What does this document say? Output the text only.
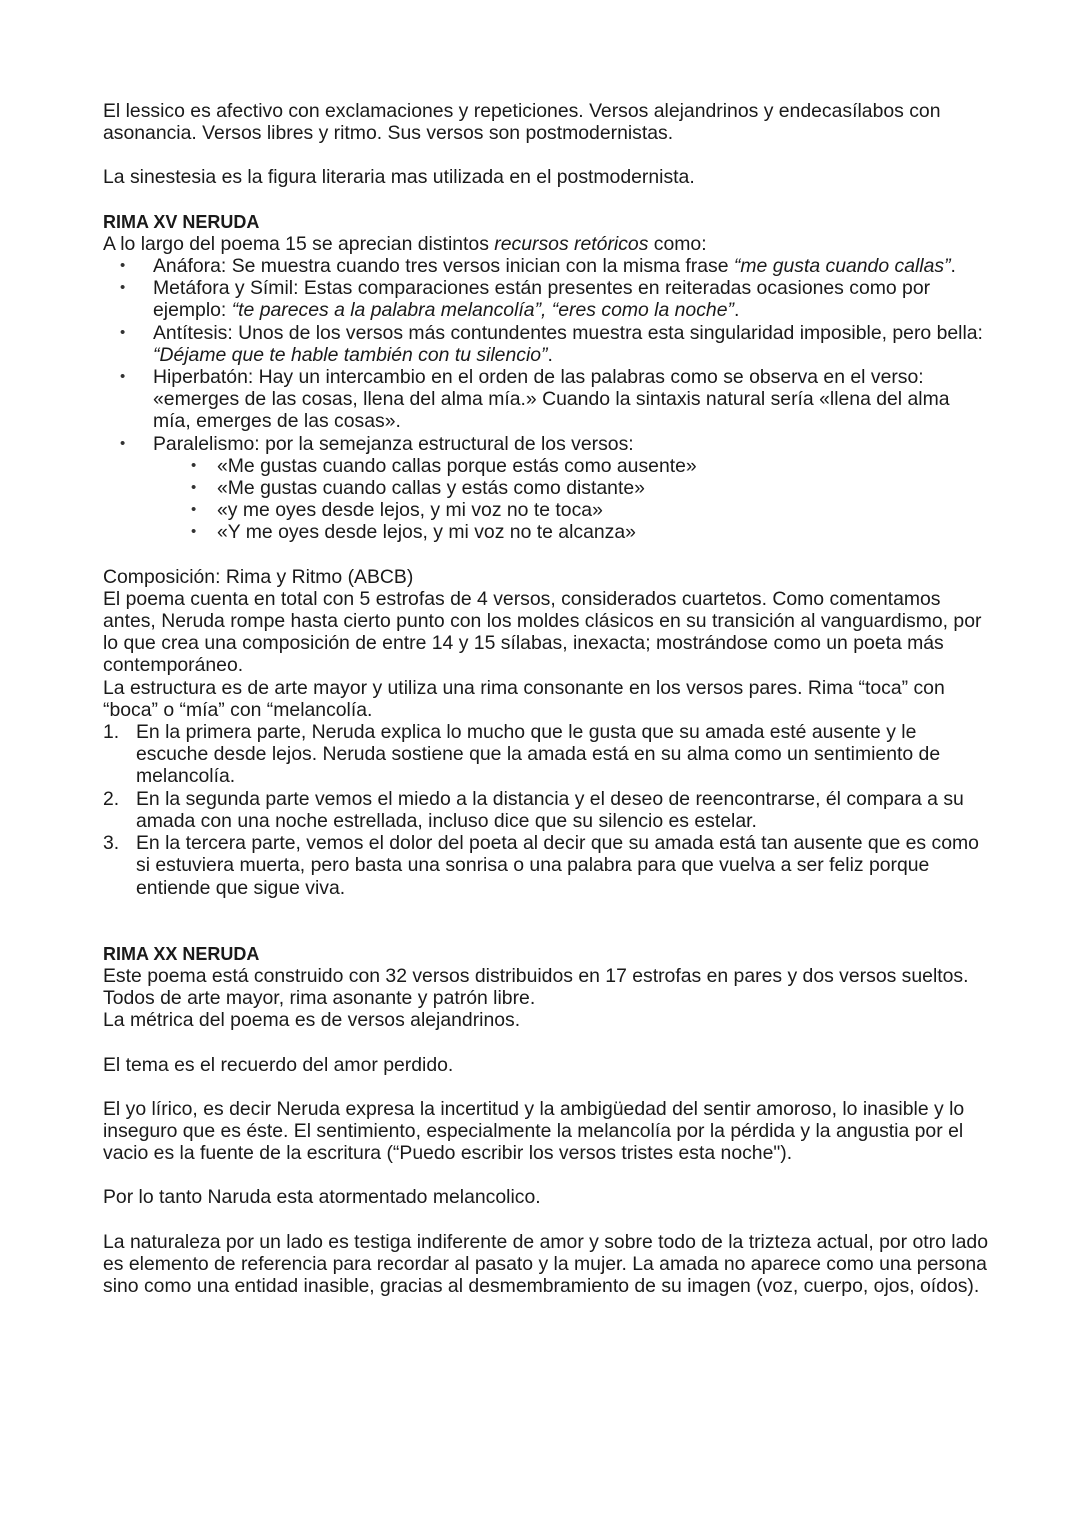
El lessico es afectivo con exclamaciones y repeticiones. Versos alejandrinos y endecasílabos con asonancia. Versos libres y ritmo. Sus versos son postmodernistas.

La sinestesia es la figura literaria mas utilizada en el postmodernista.

RIMA XV NERUDA

A lo largo del poema 15 se aprecian distintos recursos retóricos como:

• Anáfora: Se muestra cuando tres versos inician con la misma frase “me gusta cuando callas”.
• Metáfora y Símil: Estas comparaciones están presentes en reiteradas ocasiones como por ejemplo: “te pareces a la palabra melancolía”, “eres como la noche”.
• Antítesis: Unos de los versos más contundentes muestra esta singularidad imposible, pero bella: “Déjame que te hable también con tu silencio”.
• Hiperbatón: Hay un intercambio en el orden de las palabras como se observa en el verso: «emerges de las cosas, llena del alma mía.» Cuando la sintaxis natural sería «llena del alma mía, emerges de las cosas».
• Paralelismo: por la semejanza estructural de los versos:
• «Me gustas cuando callas porque estás como ausente»
• «Me gustas cuando callas y estás como distante»
• «y me oyes desde lejos, y mi voz no te toca»
• «Y me oyes desde lejos, y mi voz no te alcanza»

Composición: Rima y Ritmo (ABCB)

El poema cuenta en total con 5 estrofas de 4 versos, considerados cuartetos. Como comentamos antes, Neruda rompe hasta cierto punto con los moldes clásicos en su transición al vanguardismo, por lo que crea una composición de entre 14 y 15 sílabas, inexacta; mostrándose como un poeta más contemporáneo.

La estructura es de arte mayor y utiliza una rima consonante en los versos pares. Rima “toca” con “boca” o “mía” con “melancolía.

1. En la primera parte, Neruda explica lo mucho que le gusta que su amada esté ausente y le escuche desde lejos. Neruda sostiene que la amada está en su alma como un sentimiento de melancolía.
2. En la segunda parte vemos el miedo a la distancia y el deseo de reencontrarse, él compara a su amada con una noche estrellada, incluso dice que su silencio es estelar.
3. En la tercera parte, vemos el dolor del poeta al decir que su amada está tan ausente que es como si estuviera muerta, pero basta una sonrisa o una palabra para que vuelva a ser feliz porque entiende que sigue viva.

RIMA XX NERUDA

Este poema está construido con 32 versos distribuidos en 17 estrofas en pares y dos versos sueltos. Todos de arte mayor, rima asonante y patrón libre.

La métrica del poema es de versos alejandrinos.

El tema es el recuerdo del amor perdido.

El yo lírico, es decir Neruda expresa la incertitud y la ambigüedad del sentir amoroso, lo inasible y lo inseguro que es éste. El sentimiento, especialmente la melancolía por la pérdida y la angustia por el vacio es la fuente de la escritura (“Puedo escribir los versos tristes esta noche").

Por lo tanto Naruda esta atormentado melancolico.

La naturaleza por un lado es testiga indiferente de amor y sobre todo de la trizteza actual, por otro lado es elemento de referencia para recordar al pasato y la mujer. La amada no aparece como una persona sino como una entidad inasible, gracias al desmembramiento de su imagen (voz, cuerpo, ojos, oídos).
